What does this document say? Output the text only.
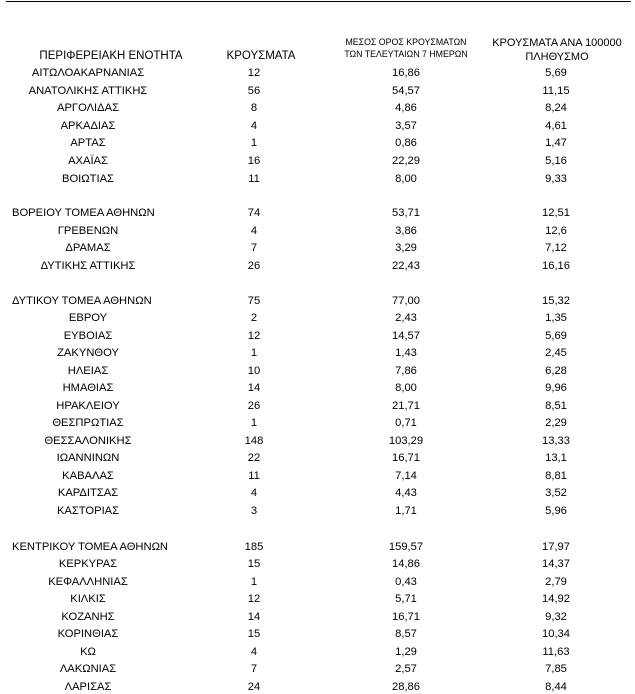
ΠΕΡΙΦΕΡΕΙΑΚΗ ΕΝΟΤΗΤΑ	ΚΡΟΥΣΜΑΤΑ
ΜΕΣΟΣ ΟΡΟΣ ΚΡΟΥΣΜΑΤΩΝ
ΤΩΝ ΤΕΛΕΥΤΑΙΩΝ 7 ΗΜΕΡΩΝ
ΚΡΟΥΣΜΑΤΑ ΑΝΑ 100000
ΠΛΗΘΥΣΜΟ
ΑΙΤΩΛΟΑΚΑΡΝΑΝΙΑΣ	12	16,86	5,69
ΑΝΑΤΟΛΙΚΗΣ ΑΤΤΙΚΗΣ	56	54,57	11,15
ΑΡΓΟΛΙΔΑΣ	8	4,86	8,24
ΑΡΚΑΔΙΑΣ	4	3,57	4,61
ΑΡΤΑΣ	1	0,86	1,47
ΑΧΑΪΑΣ	16	22,29	5,16
ΒΟΙΩΤΙΑΣ	11	8,00	9,33
ΒΟΡΕΙΟΥ ΤΟΜΕΑ ΑΘΗΝΩΝ	74	53,71	12,51
ΓΡΕΒΕΝΩΝ	4	3,86	12,6
ΔΡΑΜΑΣ	7	3,29	7,12
ΔΥΤΙΚΗΣ ΑΤΤΙΚΗΣ	26	22,43	16,16
ΔΥΤΙΚΟΥ ΤΟΜΕΑ ΑΘΗΝΩΝ	75	77,00	15,32
ΕΒΡΟΥ	2	2,43	1,35
ΕΥΒΟΙΑΣ	12	14,57	5,69
ΖΑΚΥΝΘΟΥ	1	1,43	2,45
ΗΛΕΙΑΣ	10	7,86	6,28
ΗΜΑΘΙΑΣ	14	8,00	9,96
ΗΡΑΚΛΕΙΟΥ	26	21,71	8,51
ΘΕΣΠΡΩΤΙΑΣ	1	0,71	2,29
ΘΕΣΣΑΛΟΝΙΚΗΣ	148	103,29	13,33
ΙΩΑΝΝΙΝΩΝ	22	16,71	13,1
ΚΑΒΑΛΑΣ	11	7,14	8,81
ΚΑΡΔΙΤΣΑΣ	4	4,43	3,52
ΚΑΣΤΟΡΙΑΣ	3	1,71	5,96
ΚΕΝΤΡΙΚΟΥ ΤΟΜΕΑ ΑΘΗΝΩΝ	185	159,57	17,97
ΚΕΡΚΥΡΑΣ	15	14,86	14,37
ΚΕΦΑΛΛΗΝΙΑΣ	1	0,43	2,79
ΚΙΛΚΙΣ	12	5,71	14,92
ΚΟΖΑΝΗΣ	14	16,71	9,32
ΚΟΡΙΝΘΙΑΣ	15	8,57	10,34
ΚΩ	4	1,29	11,63
ΛΑΚΩΝΙΑΣ	7	2,57	7,85
ΛΑΡΙΣΑΣ	24	28,86	8,44
